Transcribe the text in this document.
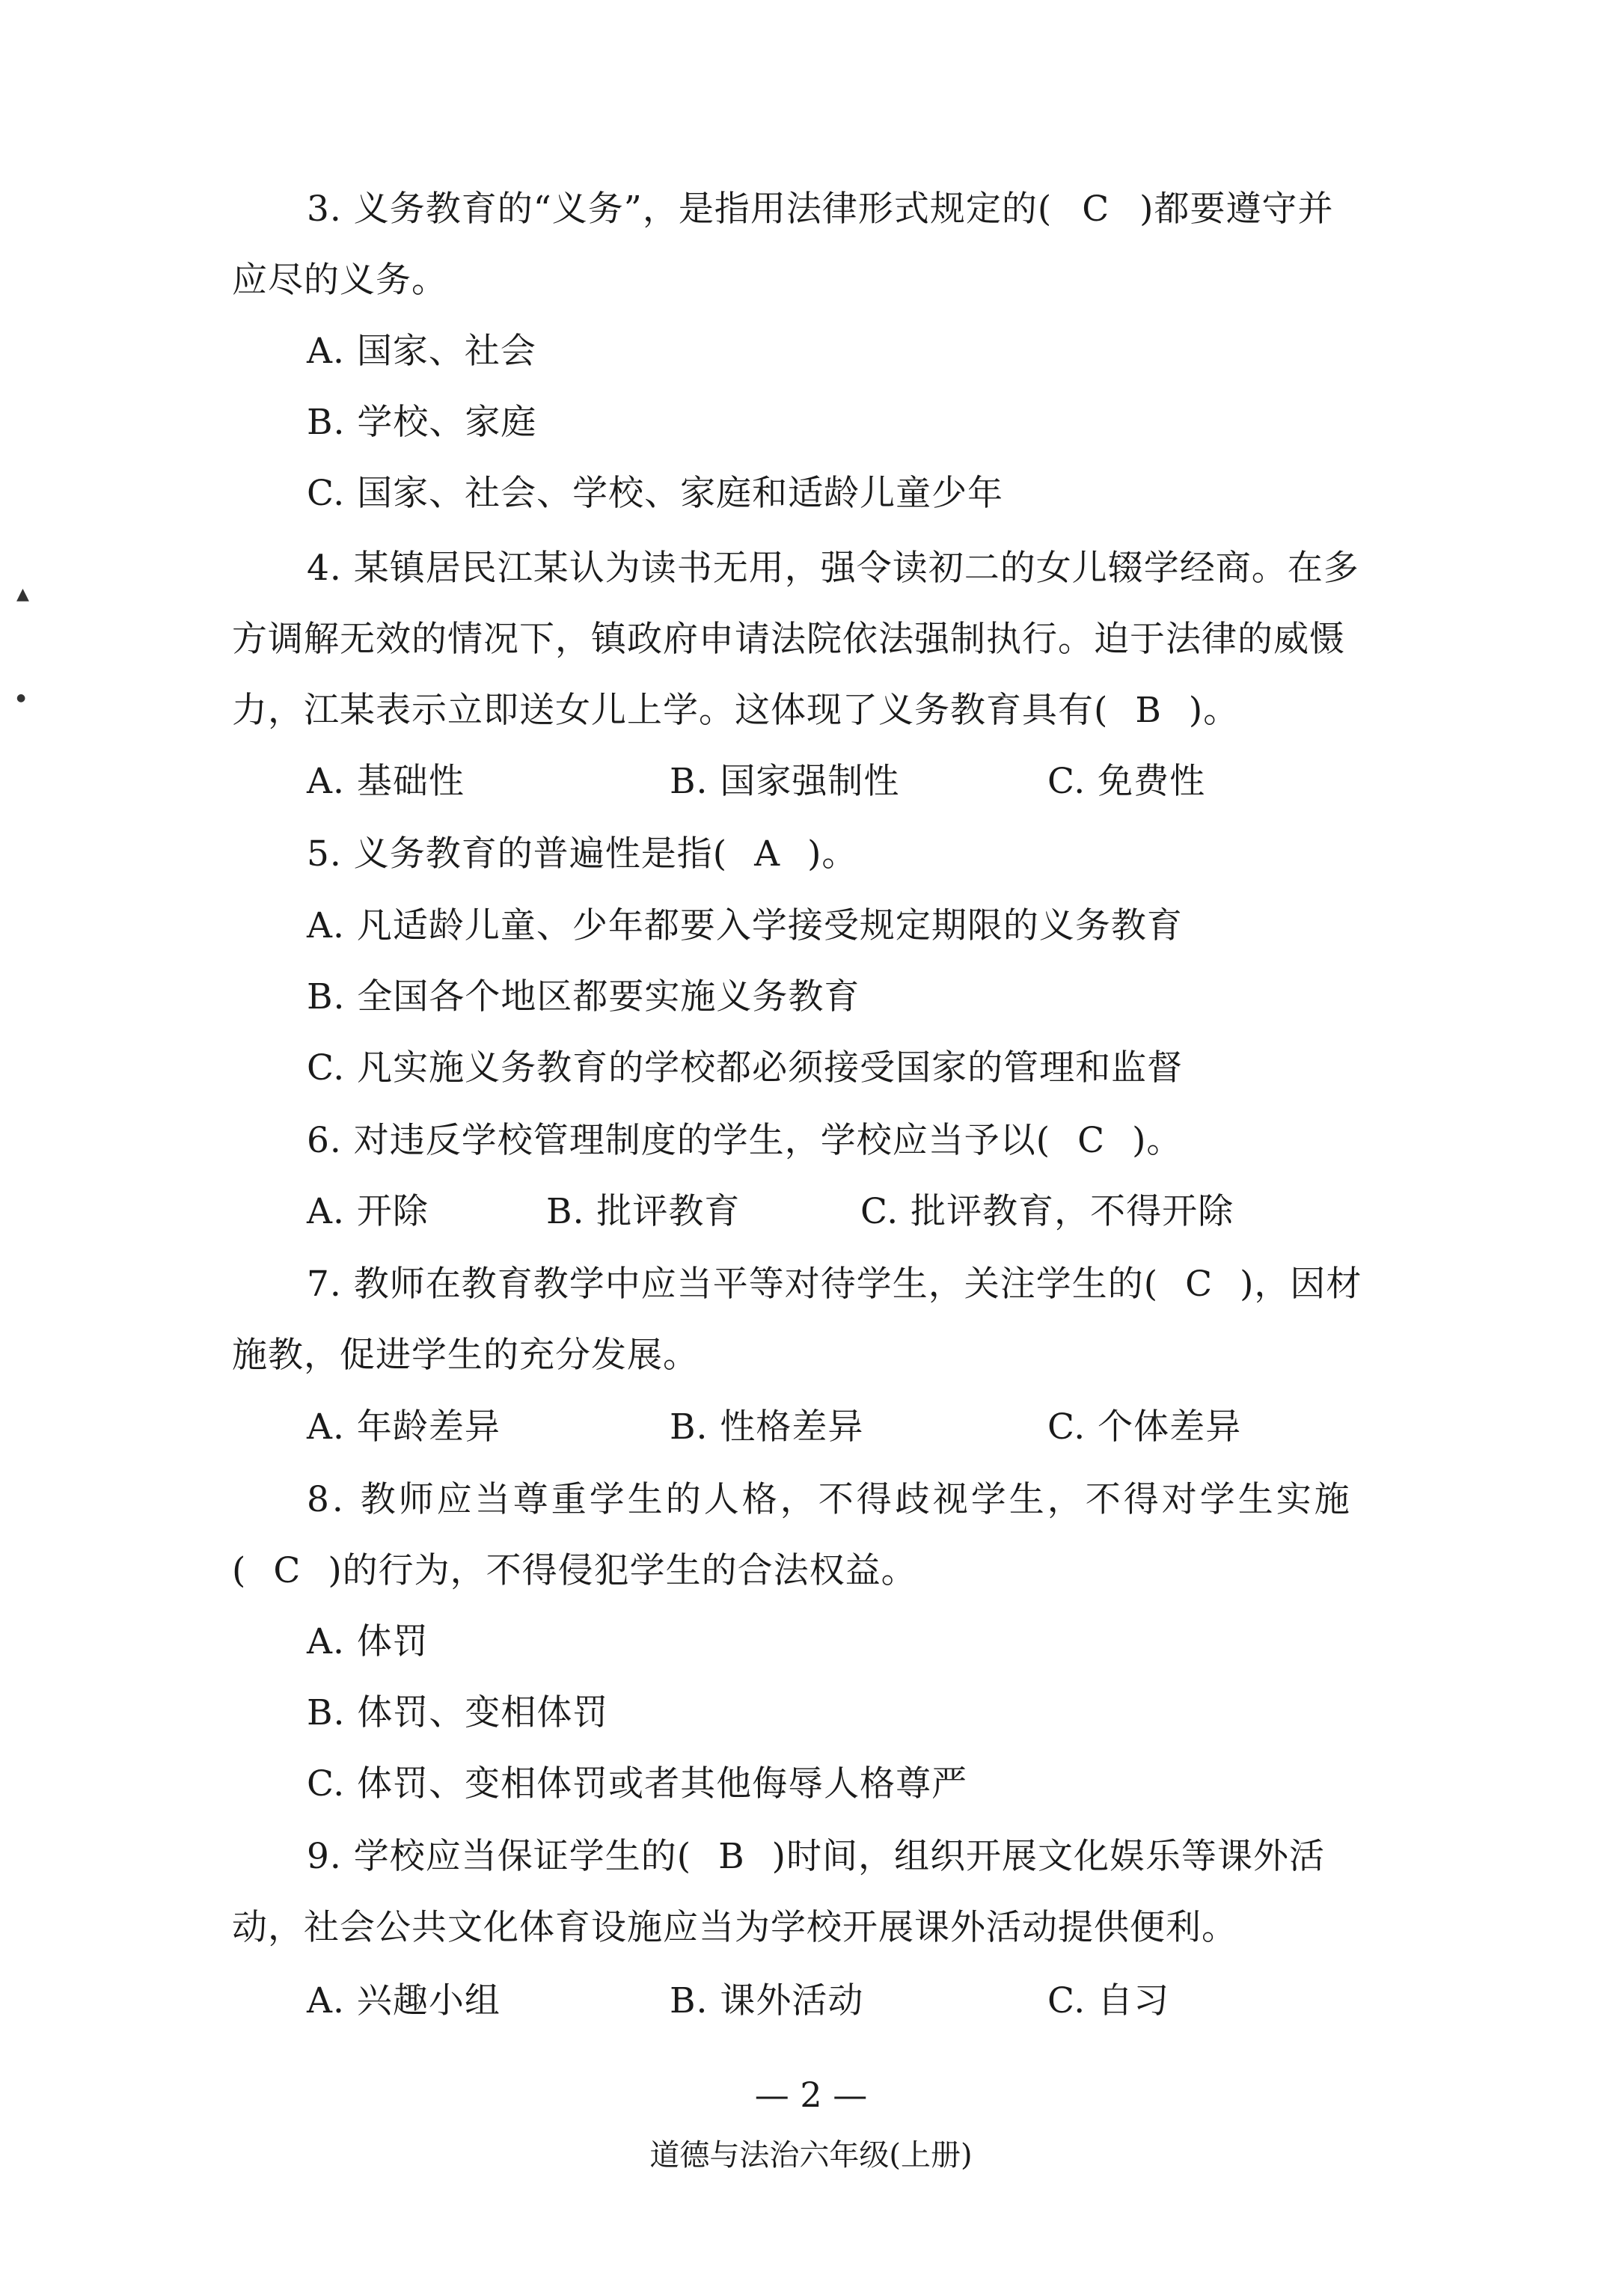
3. 义务教育的“义务”，是指用法律形式规定的( C )都要遵守并
应尽的义务。
A. 国家、社会
B. 学校、家庭
C. 国家、社会、学校、家庭和适龄儿童少年
4. 某镇居民江某认为读书无用，强令读初二的女儿辍学经商。在多
方调解无效的情况下，镇政府申请法院依法强制执行。迫于法律的威慑
力，江某表示立即送女儿上学。这体现了义务教育具有( B )。
A. 基础性	B. 国家强制性	C. 免费性
5. 义务教育的普遍性是指( A )。
A. 凡适龄儿童、少年都要入学接受规定期限的义务教育
B. 全国各个地区都要实施义务教育
C. 凡实施义务教育的学校都必须接受国家的管理和监督
6. 对违反学校管理制度的学生，学校应当予以( C )。
A. 开除	B. 批评教育	C. 批评教育，不得开除
7. 教师在教育教学中应当平等对待学生，关注学生的( C )，因材
施教，促进学生的充分发展。
A. 年龄差异	B. 性格差异	C. 个体差异
8. 教师应当尊重学生的人格，不得歧视学生，不得对学生实施
( C )的行为，不得侵犯学生的合法权益。
A. 体罚
B. 体罚、变相体罚
C. 体罚、变相体罚或者其他侮辱人格尊严
9. 学校应当保证学生的( B )时间，组织开展文化娱乐等课外活
动，社会公共文化体育设施应当为学校开展课外活动提供便利。
A. 兴趣小组	B. 课外活动	C. 自习
— 2 —
道德与法治六年级(上册)
▲
●
